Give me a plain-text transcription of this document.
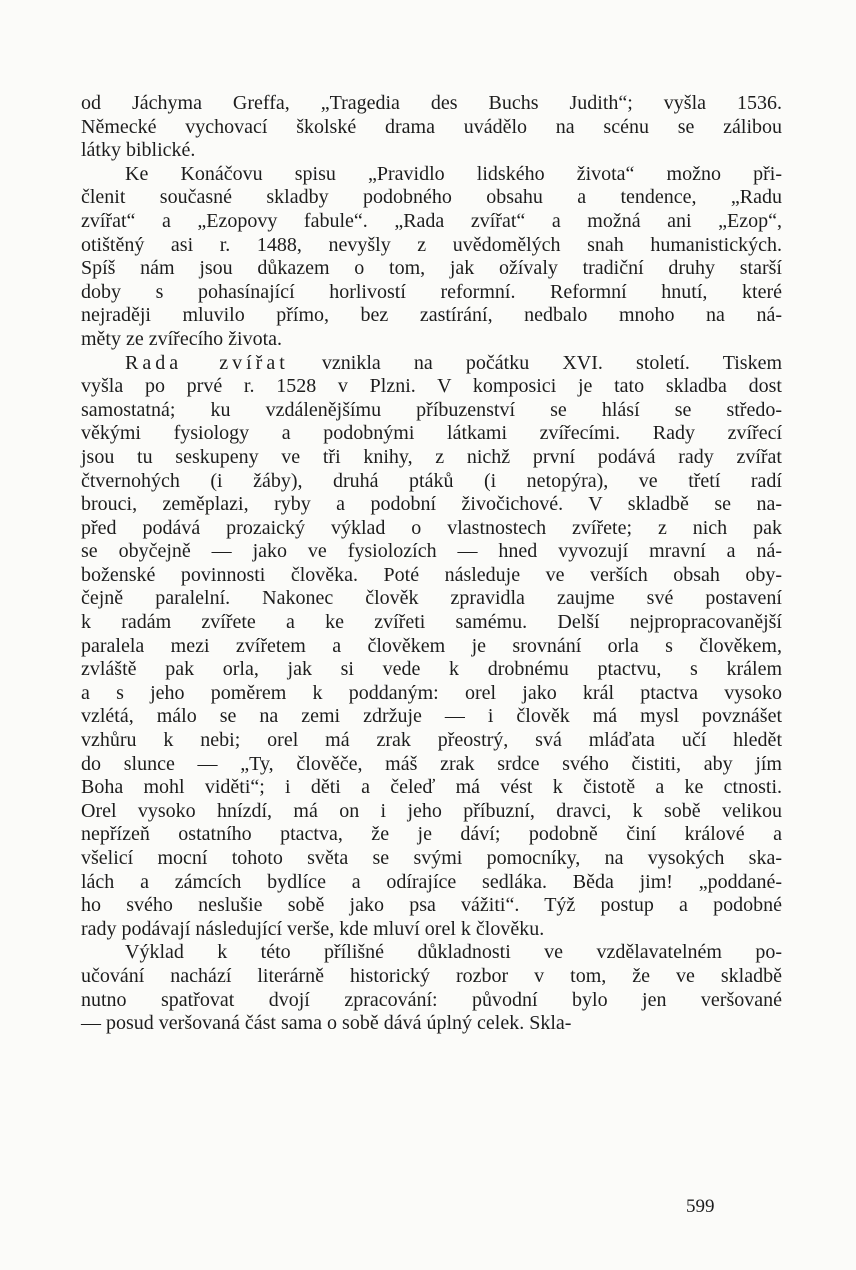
od Jáchyma Greffa, „Tragedia des Buchs Judith“; vyšla 1536.
Německé vychovací školské drama uvádělo na scénu se zálibou
látky biblické.

Ke Konáčovu spisu „Pravidlo lidského života“ možno při-
členit současné skladby podobného obsahu a tendence, „Radu
zvířat“ a „Ezopovy fabule“. „Rada zvířat“ a možná ani „Ezop“,
otištěný asi r. 1488, nevyšly z uvědomělých snah humanistických.
Spíš nám jsou důkazem o tom, jak ožívaly tradiční druhy starší
doby s pohasínající horlivostí reformní. Reformní hnutí, které
nejraději mluvilo přímo, bez zastírání, nedbalo mnoho na ná-
měty ze zvířecího života.

Rada zvířat vznikla na počátku XVI. století. Tiskem
vyšla po prvé r. 1528 v Plzni. V komposici je tato skladba dost
samostatná; ku vzdálenějšímu příbuzenství se hlásí se středo-
věkými fysiology a podobnými látkami zvířecími. Rady zvířecí
jsou tu seskupeny ve tři knihy, z nichž první podává rady zvířat
čtvernohých (i žáby), druhá ptáků (i netopýra), ve třetí radí
brouci, zeměplazi, ryby a podobní živočichové. V skladbě se na-
před podává prozaický výklad o vlastnostech zvířete; z nich pak
se obyčejně — jako ve fysiolozích — hned vyvozují mravní a ná-
boženské povinnosti člověka. Poté následuje ve verších obsah oby-
čejně paralelní. Nakonec člověk zpravidla zaujme své postavení
k radám zvířete a ke zvířeti samému. Delší nejpropracovanější
paralela mezi zvířetem a člověkem je srovnání orla s člověkem,
zvláště pak orla, jak si vede k drobnému ptactvu, s králem
a s jeho poměrem k poddaným: orel jako král ptactva vysoko
vzlétá, málo se na zemi zdržuje — i člověk má mysl povznášet
vzhůru k nebi; orel má zrak přeostrý, svá mláďata učí hledět
do slunce — „Ty, člověče, máš zrak srdce svého čistiti, aby jím
Boha mohl viděti“; i děti a čeleď má vést k čistotě a ke ctnosti.
Orel vysoko hnízdí, má on i jeho příbuzní, dravci, k sobě velikou
nepřízeň ostatního ptactva, že je dáví; podobně činí králové a
všelicí mocní tohoto světa se svými pomocníky, na vysokých ska-
lách a zámcích bydlíce a odírajíce sedláka. Běda jim! „poddané-
ho svého neslušie sobě jako psa vážiti“. Týž postup a podobné
rady podávají následující verše, kde mluví orel k člověku.

Výklad k této přílišné důkladnosti ve vzdělavatelném po-
učování nachází literárně historický rozbor v tom, že ve skladbě
nutno spatřovat dvojí zpracování: původní bylo jen veršované
— posud veršovaná část sama o sobě dává úplný celek. Skla-

599
